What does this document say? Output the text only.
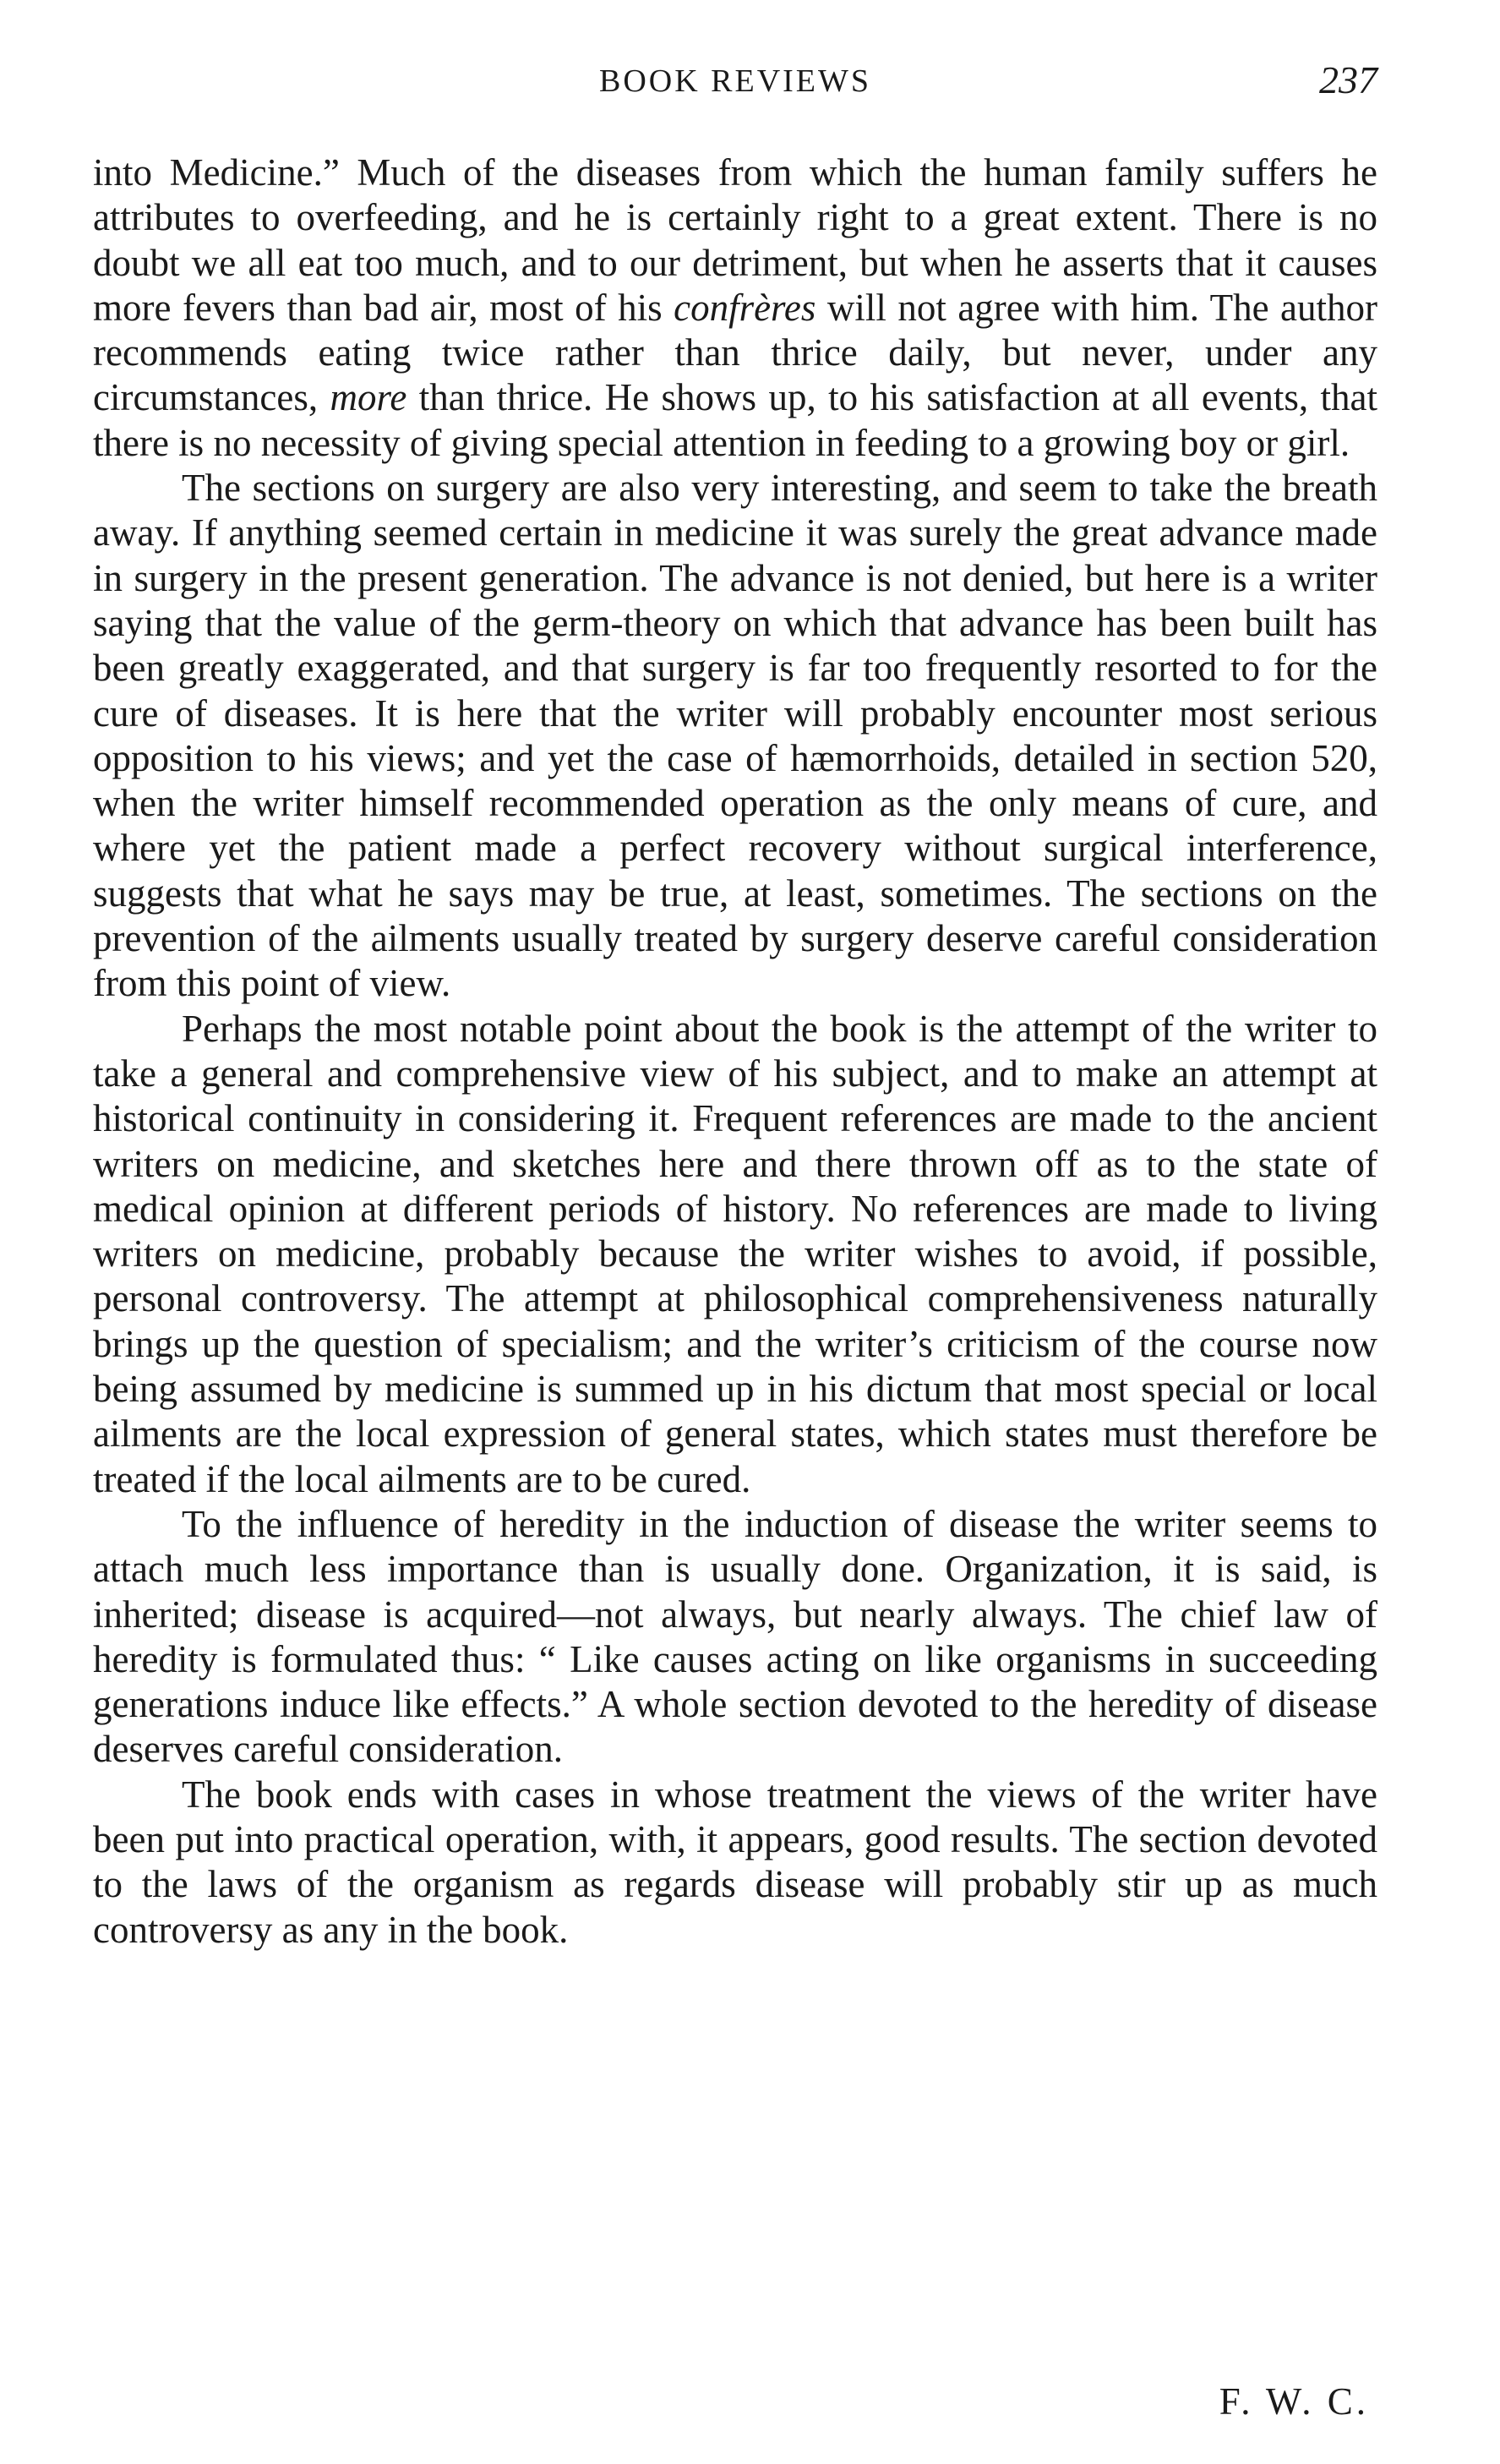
BOOK REVIEWS	237

into Medicine.” Much of the diseases from which the human family suffers he attributes to overfeeding, and he is certainly right to a great extent. There is no doubt we all eat too much, and to our detriment, but when he asserts that it causes more fevers than bad air, most of his confrères will not agree with him. The author recommends eating twice rather than thrice daily, but never, under any circumstances, more than thrice. He shows up, to his satisfaction at all events, that there is no necessity of giving special attention in feeding to a growing boy or girl.

The sections on surgery are also very interesting, and seem to take the breath away. If anything seemed certain in medicine it was surely the great advance made in surgery in the present generation. The advance is not denied, but here is a writer saying that the value of the germ-theory on which that advance has been built has been greatly exaggerated, and that surgery is far too frequently resorted to for the cure of diseases. It is here that the writer will probably encounter most serious opposition to his views; and yet the case of hæmorrhoids, detailed in section 520, when the writer himself recommended operation as the only means of cure, and where yet the patient made a perfect recovery without surgical interference, suggests that what he says may be true, at least, sometimes. The sections on the prevention of the ailments usually treated by surgery deserve careful consideration from this point of view.

Perhaps the most notable point about the book is the attempt of the writer to take a general and comprehensive view of his subject, and to make an attempt at historical continuity in considering it. Frequent references are made to the ancient writers on medicine, and sketches here and there thrown off as to the state of medical opinion at different periods of history. No references are made to living writers on medicine, probably because the writer wishes to avoid, if possible, personal controversy. The attempt at philosophical comprehensiveness naturally brings up the question of specialism; and the writer’s criticism of the course now being assumed by medicine is summed up in his dictum that most special or local ailments are the local expression of general states, which states must therefore be treated if the local ailments are to be cured.

To the influence of heredity in the induction of disease the writer seems to attach much less importance than is usually done. Organization, it is said, is inherited; disease is acquired—not always, but nearly always. The chief law of heredity is formulated thus: “ Like causes acting on like organisms in succeeding generations induce like effects.” A whole section devoted to the heredity of disease deserves careful consideration.

The book ends with cases in whose treatment the views of the writer have been put into practical operation, with, it appears, good results. The section devoted to the laws of the organism as regards disease will probably stir up as much controversy as any in the book.

F. W. C.
